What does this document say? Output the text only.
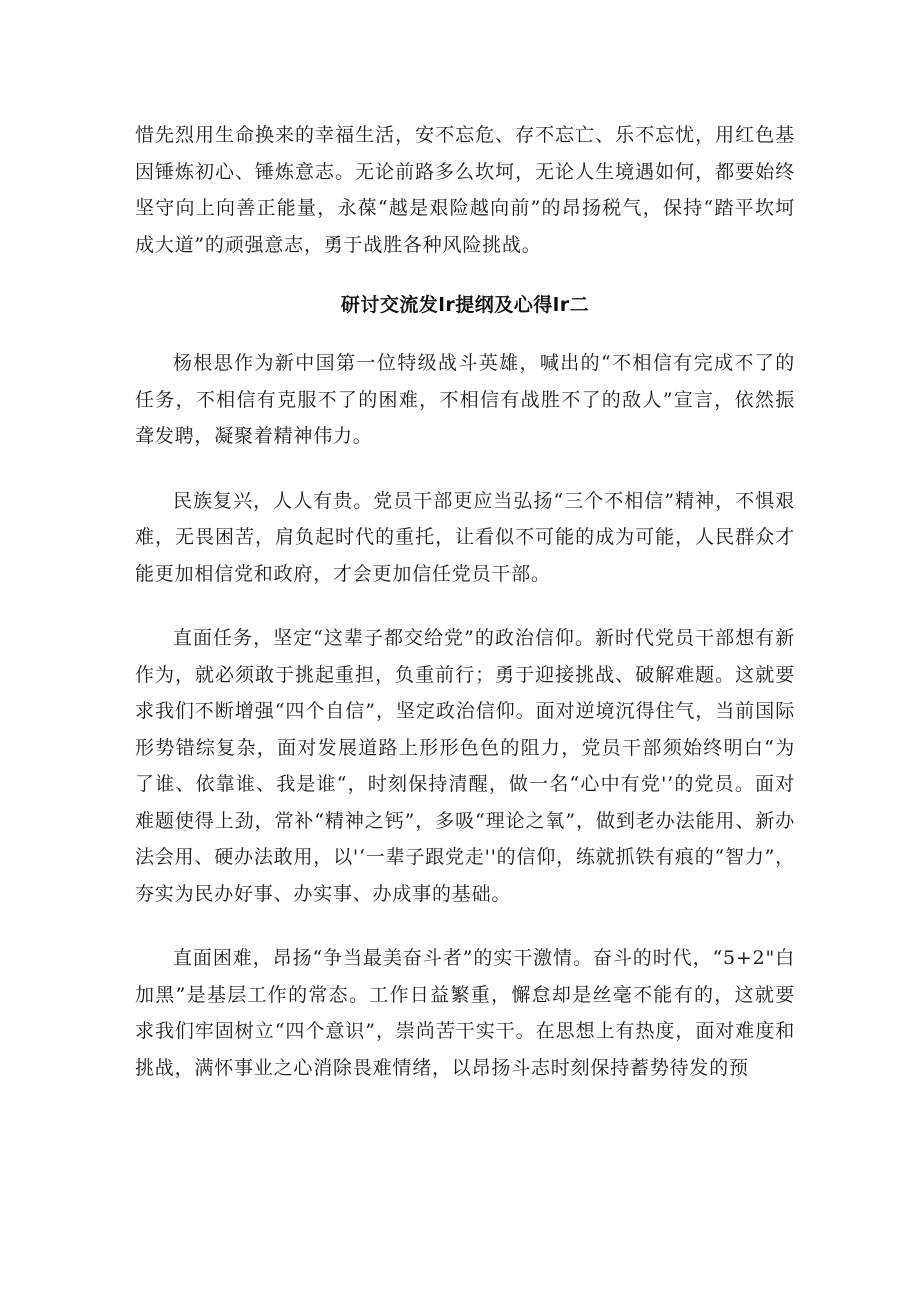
惜先烈用生命换来的幸福生活，安不忘危、存不忘亡、乐不忘忧，用红色基因锤炼初心、锤炼意志。无论前路多么坎坷，无论人生境遇如何，都要始终坚守向上向善正能量，永葆“越是艰险越向前”的昂扬税气，保持“踏平坎坷成大道”的顽强意志，勇于战胜各种风险挑战。

研讨交流发lr提纲及心得lr二

杨根思作为新中国第一位特级战斗英雄，喊出的“不相信有完成不了的任务，不相信有克服不了的困难，不相信有战胜不了的敌人”宣言，依然振聋发聘，凝聚着精神伟力。

民族复兴，人人有贵。党员干部更应当弘扬“三个不相信”精神，不惧艰难，无畏困苦，肩负起时代的重托，让看似不可能的成为可能，人民群众才能更加相信党和政府，才会更加信任党员干部。

直面任务，坚定“这辈子都交给党”的政治信仰。新时代党员干部想有新作为，就必须敢于挑起重担，负重前行；勇于迎接挑战、破解难题。这就要求我们不断增强“四个自信”，坚定政治信仰。面对逆境沉得住气，当前国际形势错综复杂，面对发展道路上形形色色的阻力，党员干部须始终明白“为了谁、依靠谁、我是谁“，时刻保持清醒，做一名“心中有党'’的党员。面对难题使得上劲，常补“精神之钙”，多吸“理论之氧”，做到老办法能用、新办法会用、硬办法敢用，以'‘一辈子跟党走''的信仰，练就抓铁有痕的“智力”，夯实为民办好事、办实事、办成事的基础。

直面困难，昂扬“争当最美奋斗者”的实干激情。奋斗的时代，“5+2"白加黑”是基层工作的常态。工作日益繁重，懈怠却是丝毫不能有的，这就要求我们牢固树立“四个意识”，崇尚苦干实干。在思想上有热度，面对难度和挑战，满怀事业之心消除畏难情绪，以昂扬斗志时刻保持蓄势待发的预
